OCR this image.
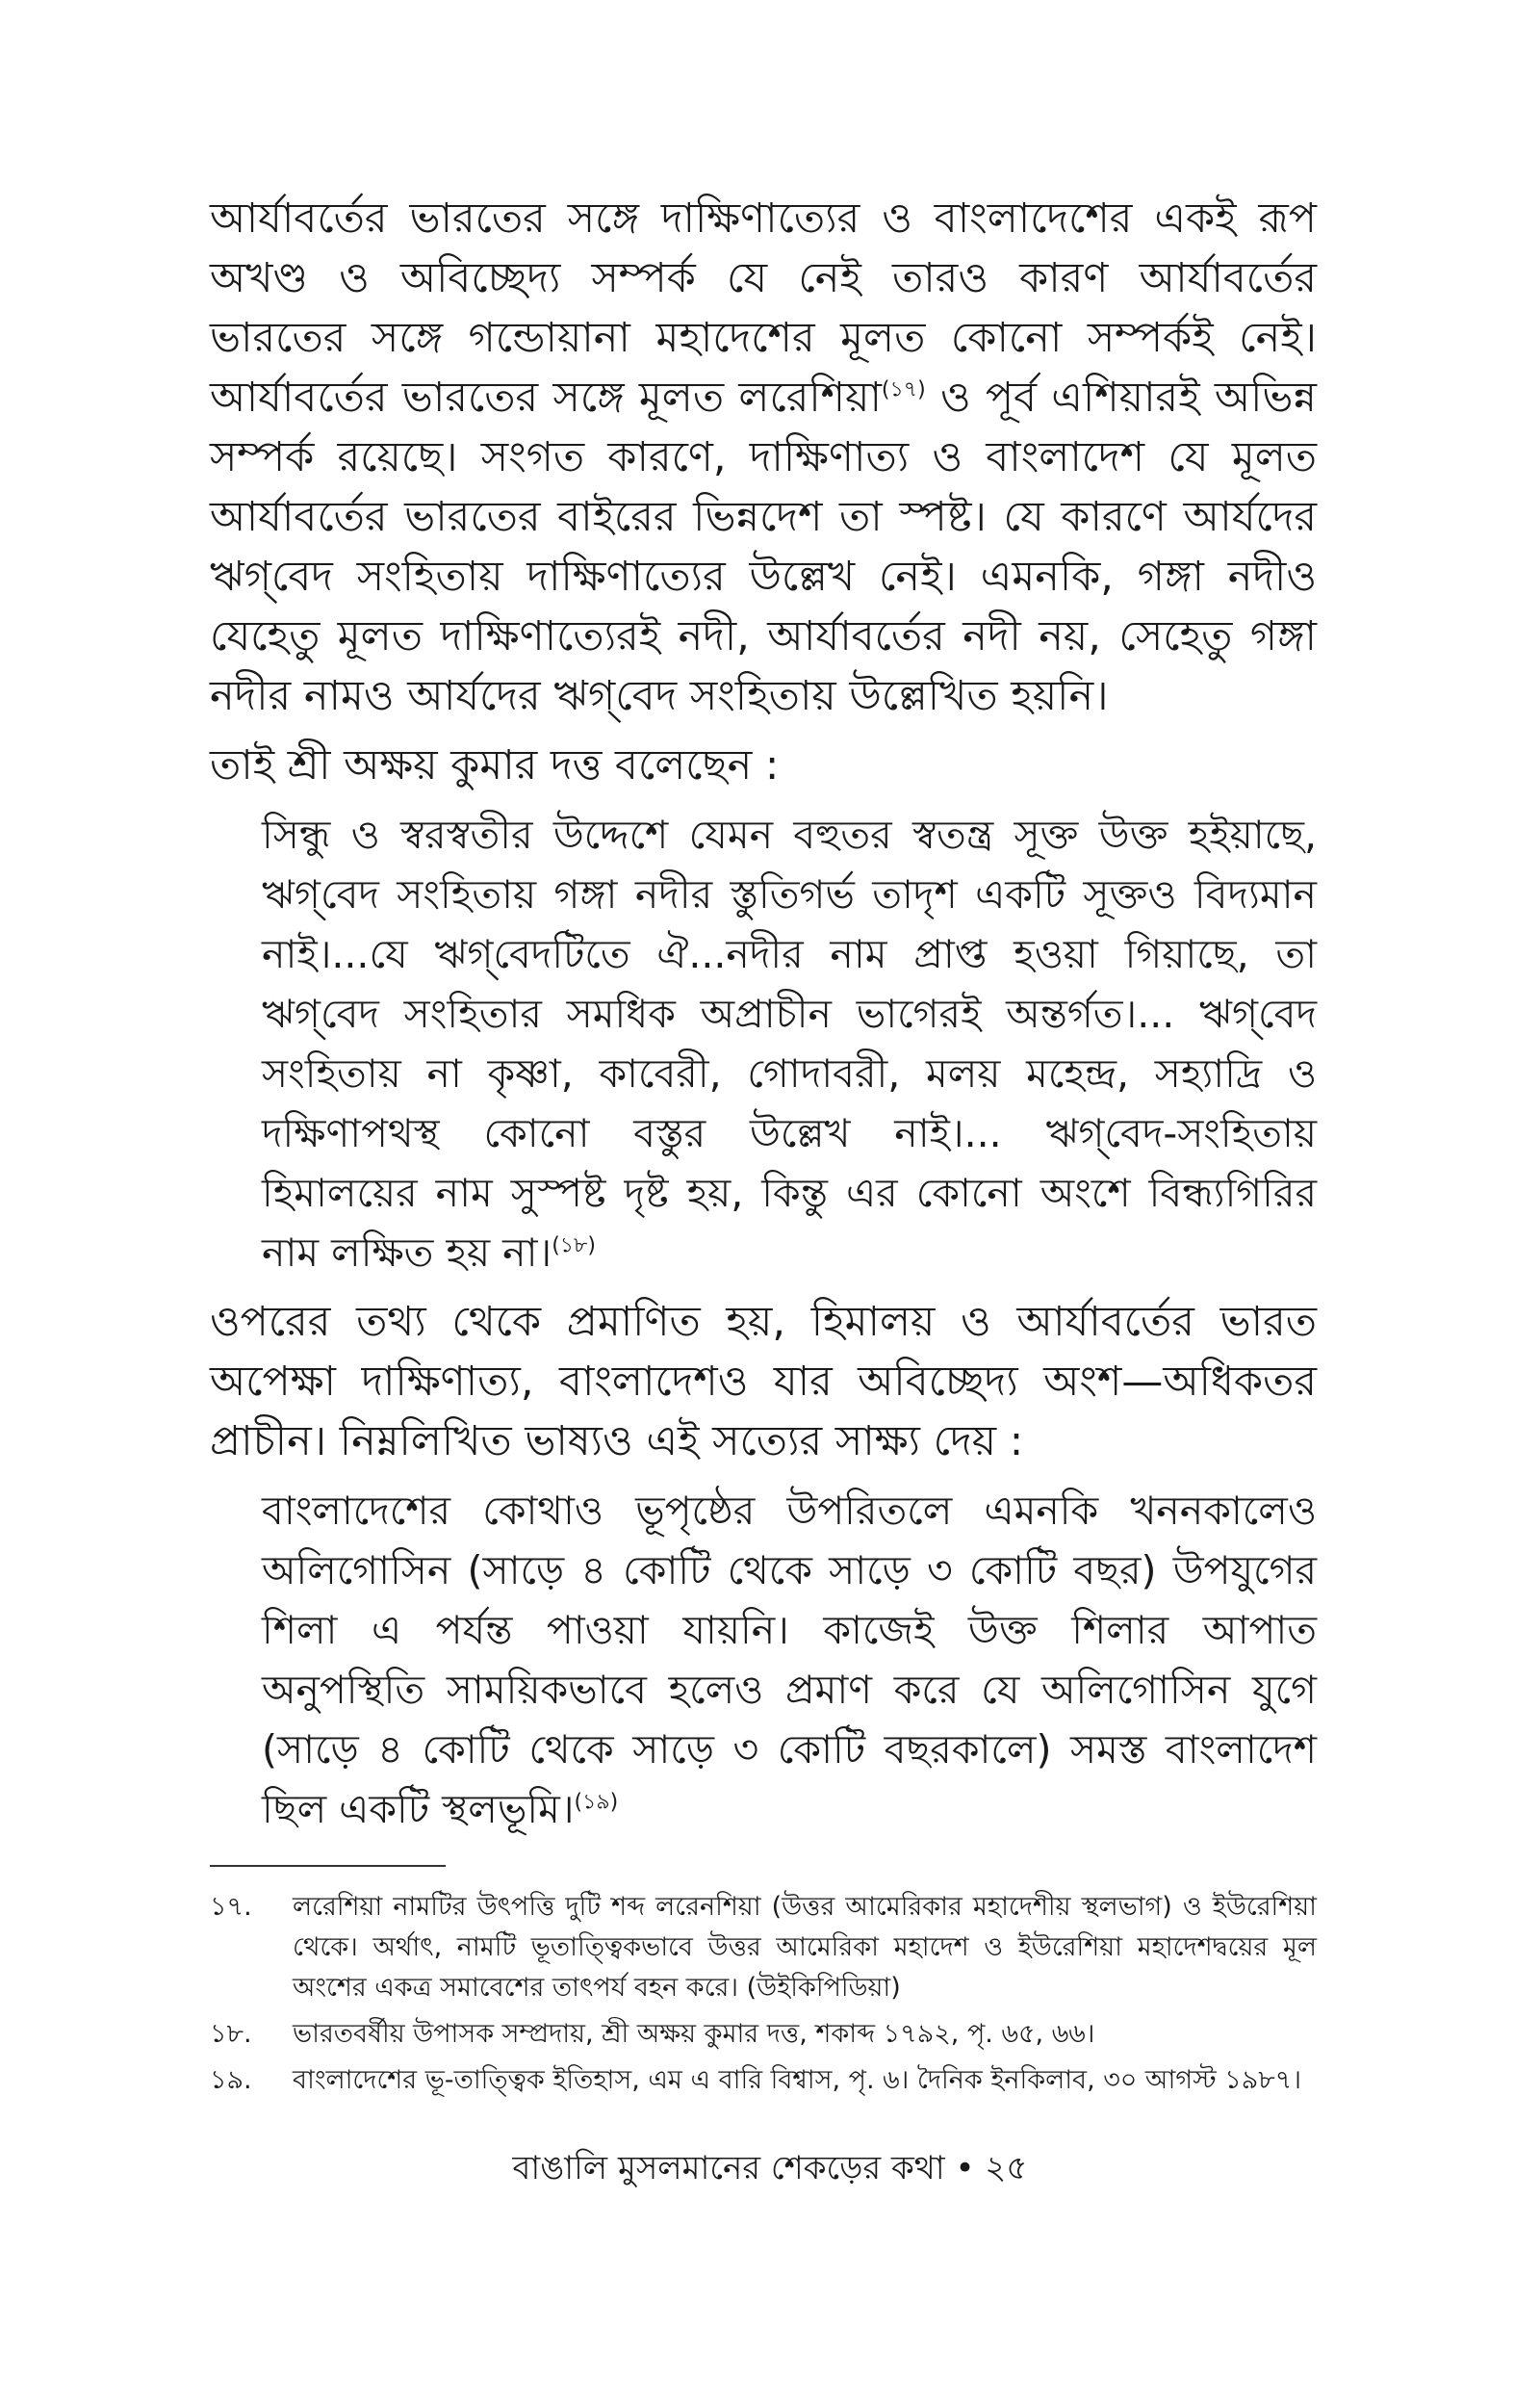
আর্যাবর্তের ভারতের সঙ্গে দাক্ষিণাত্যের ও বাংলাদেশের একই রূপ অখণ্ড ও অবিচ্ছেদ্য সম্পর্ক যে নেই তারও কারণ আর্যাবর্তের ভারতের সঙ্গে গন্ডোয়ানা মহাদেশের মূলত কোনো সম্পর্কই নেই। আর্যাবর্তের ভারতের সঙ্গে মূলত লরেশিয়া$^{(১৭)}$ ও পূর্ব এশিয়ারই অভিন্ন সম্পর্ক রয়েছে। সংগত কারণে, দাক্ষিণাত্য ও বাংলাদেশ যে মূলত আর্যাবর্তের ভারতের বাইরের ভিন্নদেশ তা স্পষ্ট। যে কারণে আর্যদের ঋগ্‌বেদ সংহিতায় দাক্ষিণাত্যের উল্লেখ নেই। এমনকি, গঙ্গা নদীও যেহেতু মূলত দাক্ষিণাত্যেরই নদী, আর্যাবর্তের নদী নয়, সেহেতু গঙ্গা নদীর নামও আর্যদের ঋগ্‌বেদ সংহিতায় উল্লেখিত হয়নি।

তাই শ্রী অক্ষয় কুমার দত্ত বলেছেন :

সিন্ধু ও স্বরস্বতীর উদ্দেশে যেমন বহুতর স্বতন্ত্র সূক্ত উক্ত হইয়াছে, ঋগ্‌বেদ সংহিতায় গঙ্গা নদীর স্তুতিগর্ভ তাদৃশ একটি সূক্তও বিদ্যমান নাই।...যে ঋগ্‌বেদটিতে ঐ...নদীর নাম প্রাপ্ত হওয়া গিয়াছে, তা ঋগ্‌বেদ সংহিতার সমধিক অপ্রাচীন ভাগেরই অন্তর্গত।... ঋগ্‌বেদ সংহিতায় না কৃষ্ণা, কাবেরী, গোদাবরী, মলয় মহেন্দ্র, সহ্যাদ্রি ও দক্ষিণাপথস্থ কোনো বস্তুর উল্লেখ নাই।... ঋগ্‌বেদ-সংহিতায় হিমালয়ের নাম সুস্পষ্ট দৃষ্ট হয়, কিন্তু এর কোনো অংশে বিন্ধ্যগিরির নাম লক্ষিত হয় না।$^{(১৮)}$

ওপরের তথ্য থেকে প্রমাণিত হয়, হিমালয় ও আর্যাবর্তের ভারত অপেক্ষা দাক্ষিণাত্য, বাংলাদেশও যার অবিচ্ছেদ্য অংশ—অধিকতর প্রাচীন। নিম্নলিখিত ভাষ্যও এই সত্যের সাক্ষ্য দেয় :

বাংলাদেশের কোথাও ভূপৃষ্ঠের উপরিতলে এমনকি খননকালেও অলিগোসিন (সাড়ে ৪ কোটি থেকে সাড়ে ৩ কোটি বছর) উপযুগের শিলা এ পর্যন্ত পাওয়া যায়নি। কাজেই উক্ত শিলার আপাত অনুপস্থিতি সাময়িকভাবে হলেও প্রমাণ করে যে অলিগোসিন যুগে (সাড়ে ৪ কোটি থেকে সাড়ে ৩ কোটি বছরকালে) সমস্ত বাংলাদেশ ছিল একটি স্থলভূমি।$^{(১৯)}$

১৭.	লরেশিয়া নামটির উৎপত্তি দুটি শব্দ লরেনশিয়া (উত্তর আমেরিকার মহাদেশীয় স্থলভাগ) ও ইউরেশিয়া থেকে। অর্থাৎ, নামটি ভূতাত্ত্বিকভাবে উত্তর আমেরিকা মহাদেশ ও ইউরেশিয়া মহাদেশদ্বয়ের মূল অংশের একত্র সমাবেশের তাৎপর্য বহন করে। (উইকিপিডিয়া)
১৮.	ভারতবর্ষীয় উপাসক সম্প্রদায়, শ্রী অক্ষয় কুমার দত্ত, শকাব্দ ১৭৯২, পৃ. ৬৫, ৬৬।
১৯.	বাংলাদেশের ভূ-তাত্ত্বিক ইতিহাস, এম এ বারি বিশ্বাস, পৃ. ৬। দৈনিক ইনকিলাব, ৩০ আগস্ট ১৯৮৭।
বাঙালি মুসলমানের শেকড়ের কথা • ২৫
